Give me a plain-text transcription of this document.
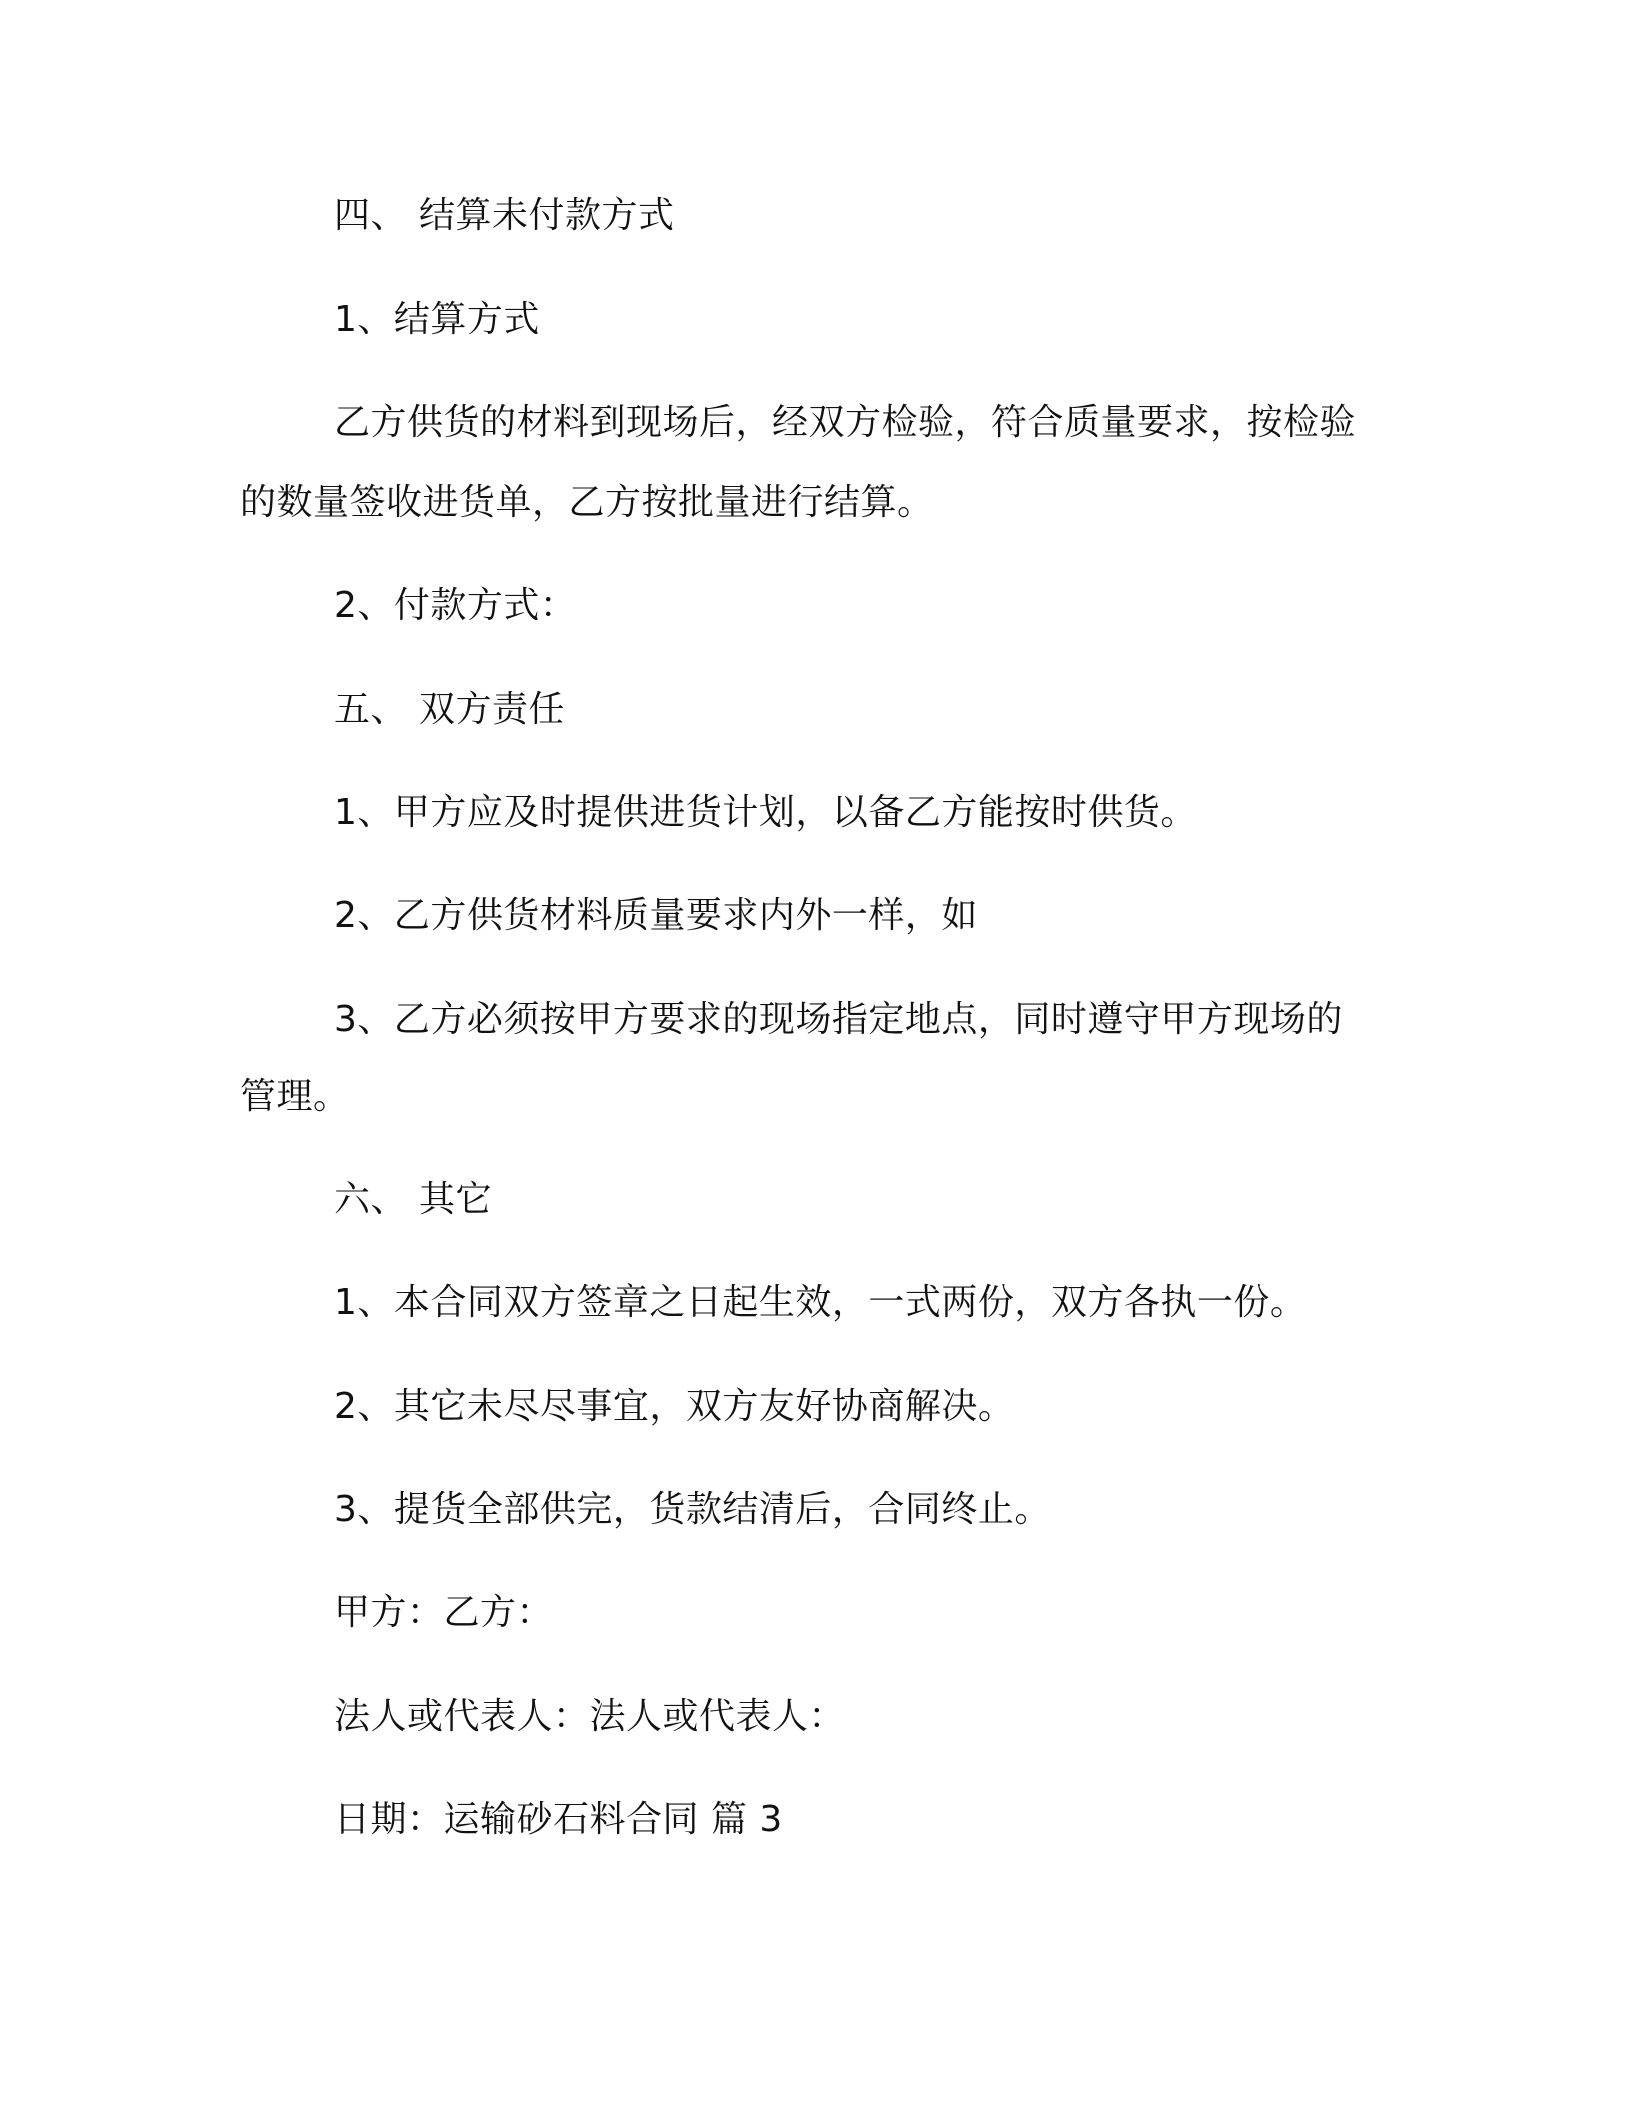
四、 结算未付款方式
1、结算方式
乙方供货的材料到现场后，经双方检验，符合质量要求，按检验
的数量签收进货单，乙方按批量进行结算。
2、付款方式：
五、 双方责任
1、甲方应及时提供进货计划，以备乙方能按时供货。
2、乙方供货材料质量要求内外一样，如
3、乙方必须按甲方要求的现场指定地点，同时遵守甲方现场的
管理。
六、 其它
1、本合同双方签章之日起生效，一式两份，双方各执一份。
2、其它未尽尽事宜，双方友好协商解决。
3、提货全部供完，货款结清后，合同终止。
甲方：乙方：
法人或代表人：法人或代表人：
日期：运输砂石料合同 篇 3
